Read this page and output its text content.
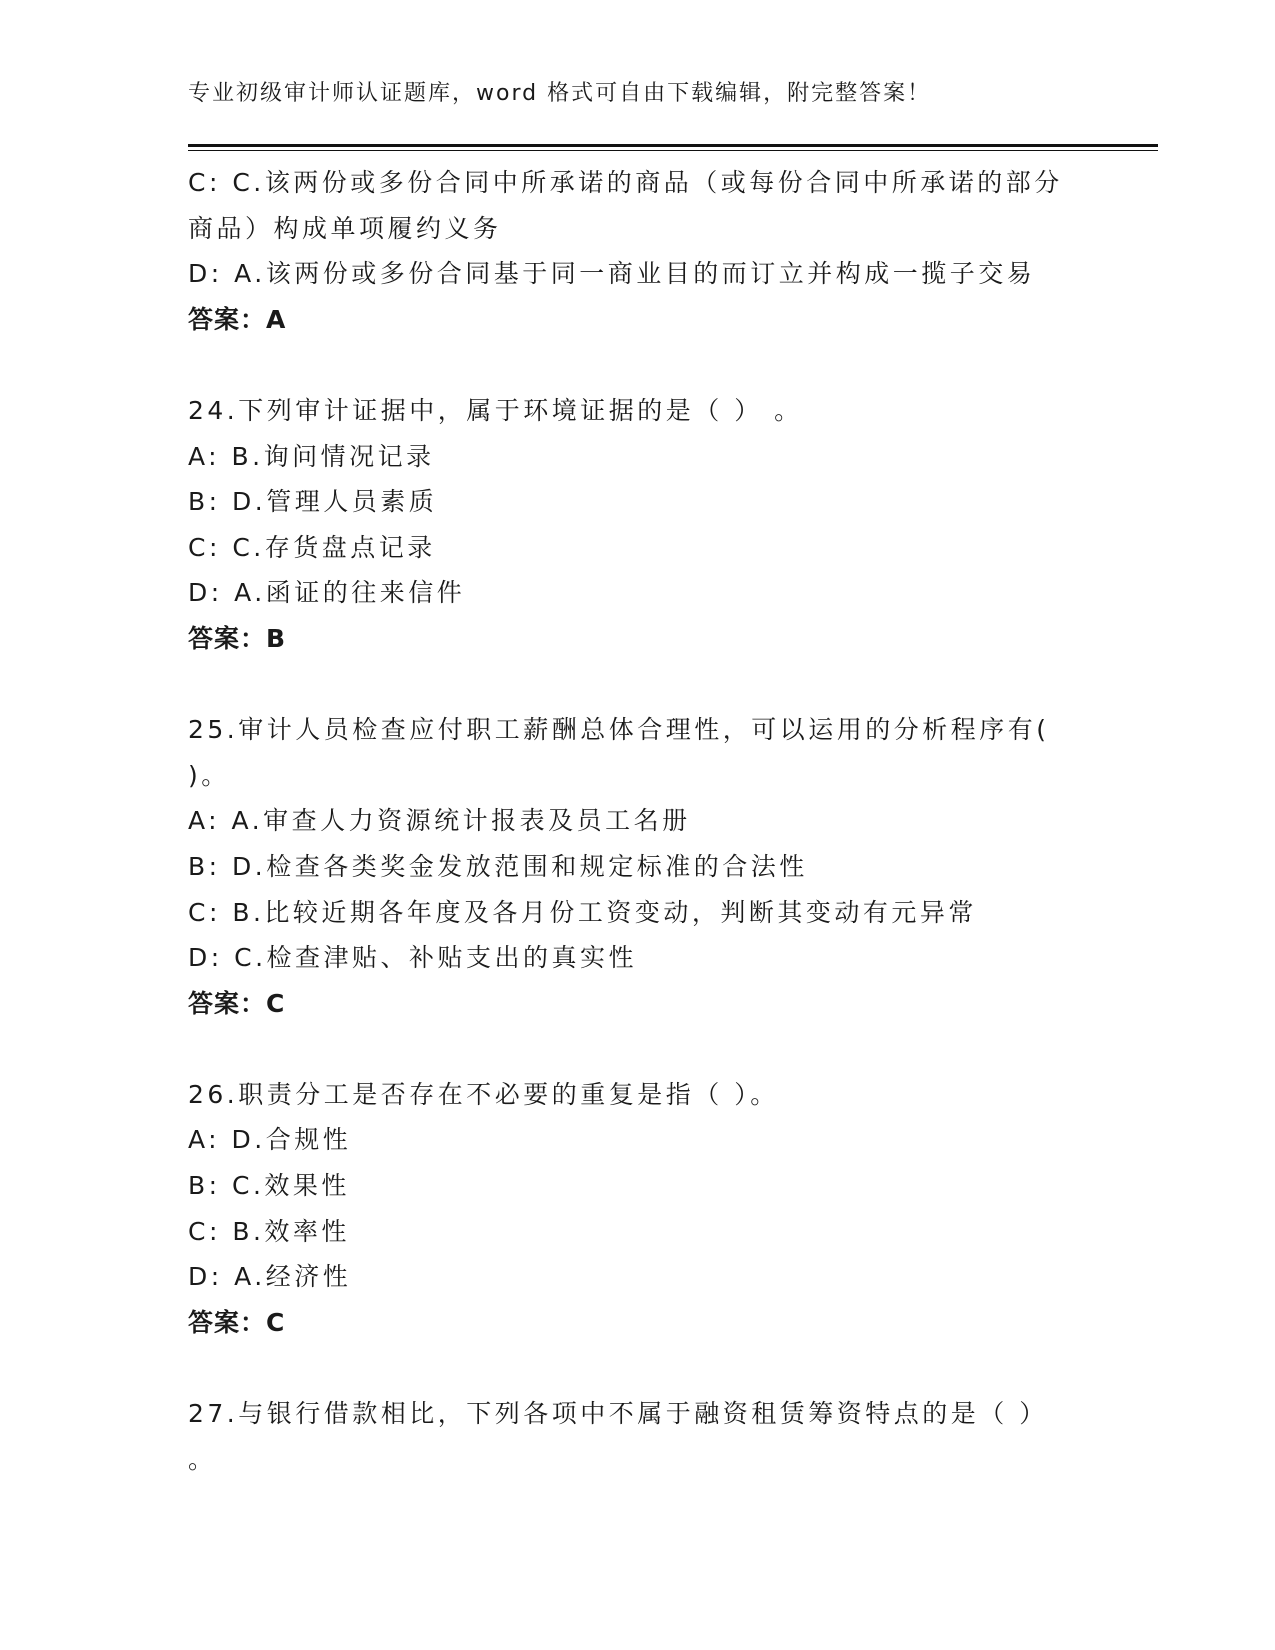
专业初级审计师认证题库，word 格式可自由下载编辑，附完整答案！
C: C.该两份或多份合同中所承诺的商品（或每份合同中所承诺的部分
商品）构成单项履约义务
D: A.该两份或多份合同基于同一商业目的而订立并构成一揽子交易
答案：A
24.下列审计证据中，属于环境证据的是（ ） 。
A: B.询问情况记录
B: D.管理人员素质
C: C.存货盘点记录
D: A.函证的往来信件
答案：B
25.审计人员检查应付职工薪酬总体合理性，可以运用的分析程序有(
)。
A: A.审查人力资源统计报表及员工名册
B: D.检查各类奖金发放范围和规定标准的合法性
C: B.比较近期各年度及各月份工资变动，判断其变动有元异常
D: C.检查津贴、补贴支出的真实性
答案：C
26.职责分工是否存在不必要的重复是指（ ）。
A: D.合规性
B: C.效果性
C: B.效率性
D: A.经济性
答案：C
27.与银行借款相比，下列各项中不属于融资租赁筹资特点的是（ ）
。
